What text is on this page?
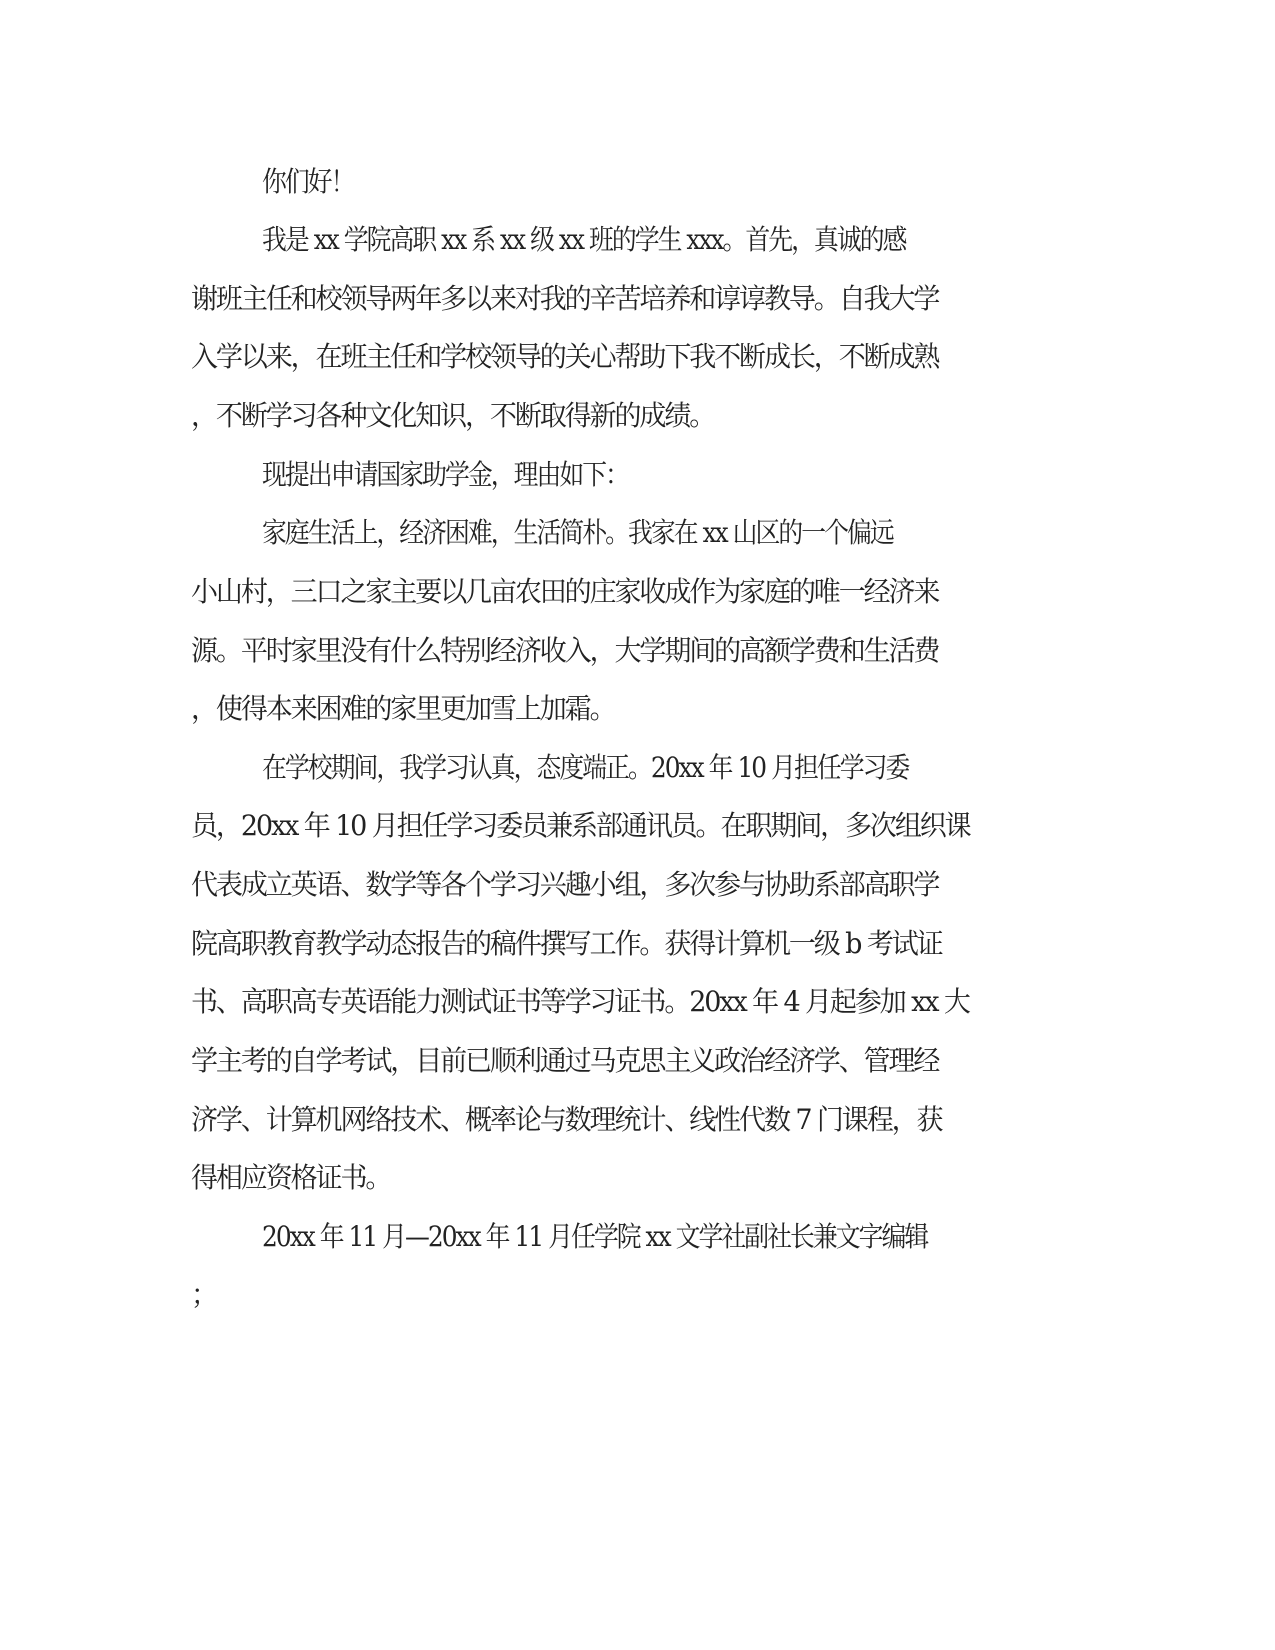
你们好！

我是 xx 学院高职 xx 系 xx 级 xx 班的学生 xxx。首先，真诚的感

谢班主任和校领导两年多以来对我的辛苦培养和谆谆教导。自我大学

入学以来，在班主任和学校领导的关心帮助下我不断成长，不断成熟

，不断学习各种文化知识，不断取得新的成绩。

现提出申请国家助学金，理由如下：

家庭生活上，经济困难，生活简朴。我家在 xx 山区的一个偏远

小山村，三口之家主要以几亩农田的庄家收成作为家庭的唯一经济来

源。平时家里没有什么特别经济收入，大学期间的高额学费和生活费

，使得本来困难的家里更加雪上加霜。

在学校期间，我学习认真，态度端正。20xx 年 10 月担任学习委

员，20xx 年 10 月担任学习委员兼系部通讯员。在职期间，多次组织课

代表成立英语、数学等各个学习兴趣小组，多次参与协助系部高职学

院高职教育教学动态报告的稿件撰写工作。获得计算机一级 b 考试证

书、高职高专英语能力测试证书等学习证书。20xx 年 4 月起参加 xx 大

学主考的自学考试，目前已顺利通过马克思主义政治经济学、管理经

济学、计算机网络技术、概率论与数理统计、线性代数 7 门课程，获

得相应资格证书。

20xx 年 11 月—20xx 年 11 月任学院 xx 文学社副社长兼文字编辑

；
